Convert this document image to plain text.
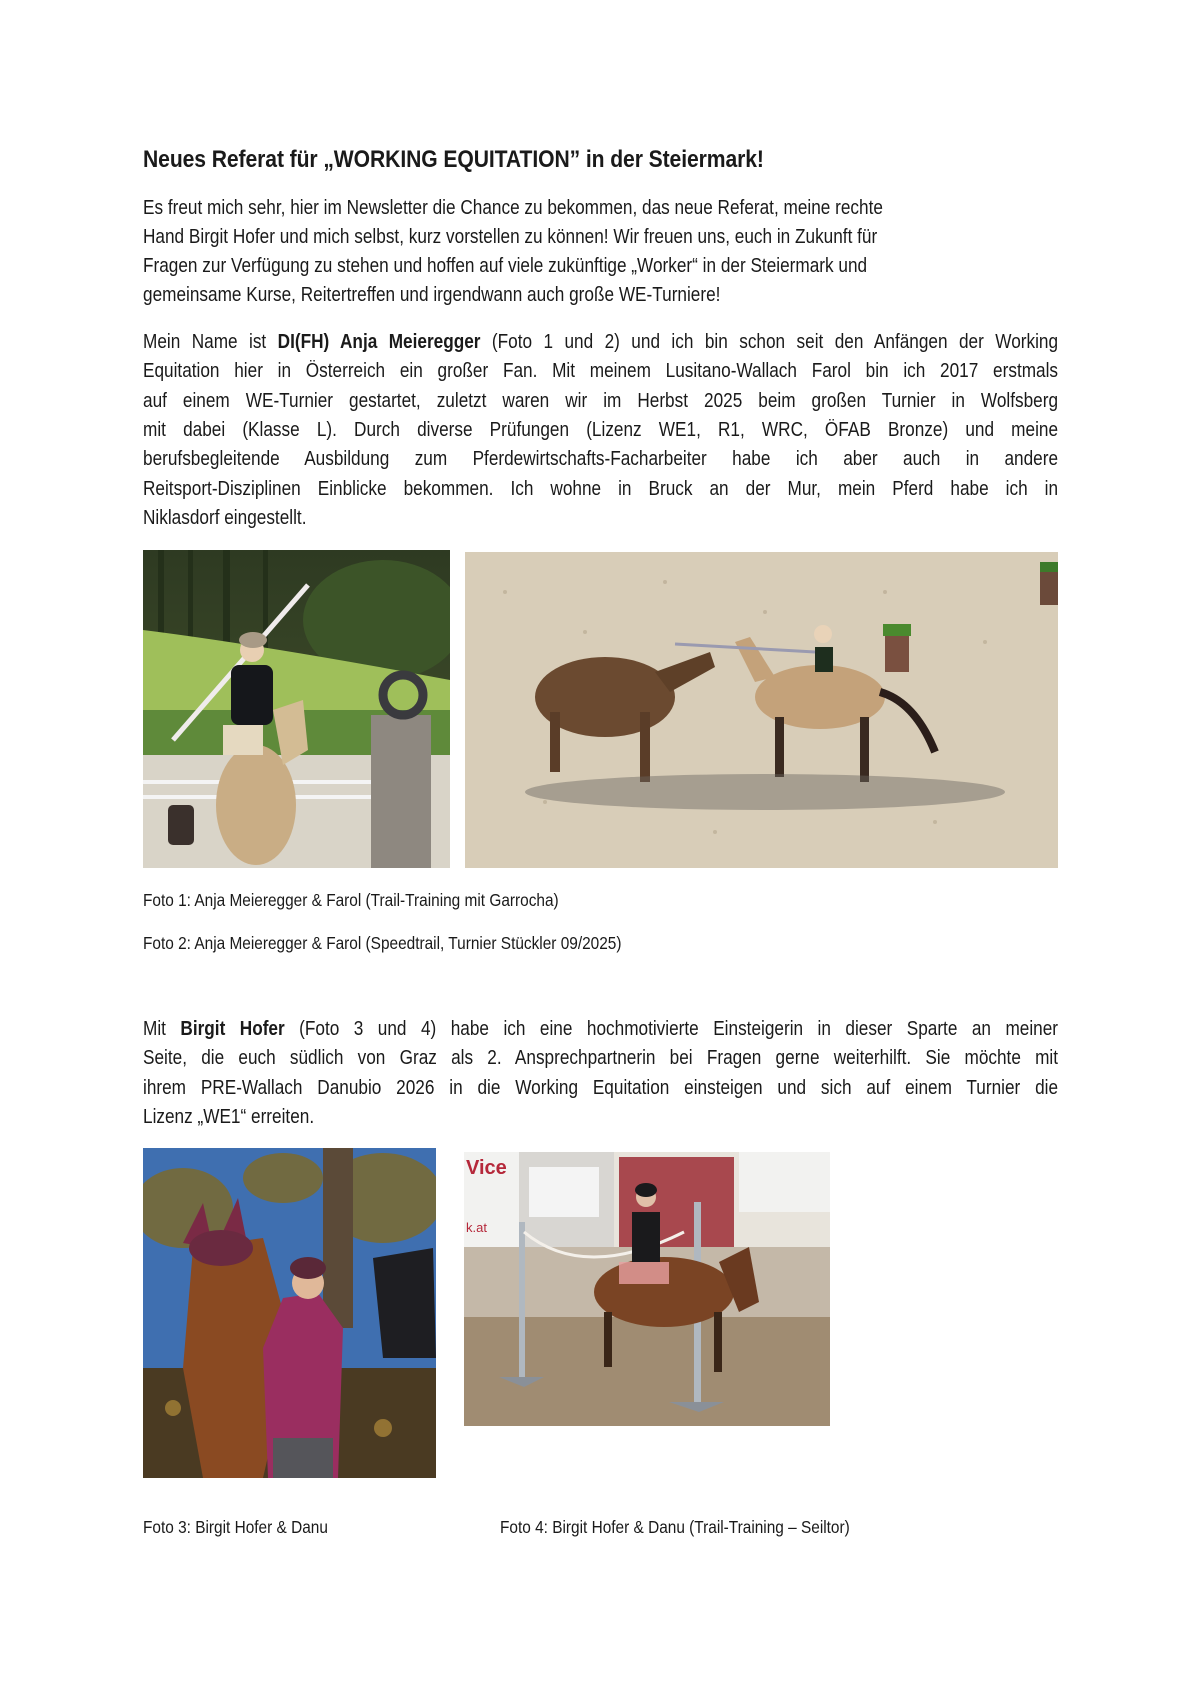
Neues Referat für „WORKING EQUITATION” in der Steiermark!
Es freut mich sehr, hier im Newsletter die Chance zu bekommen, das neue Referat, meine rechte
Hand Birgit Hofer und mich selbst, kurz vorstellen zu können! Wir freuen uns, euch in Zukunft für
Fragen zur Verfügung zu stehen und hoffen auf viele zukünftige „Worker“ in der Steiermark und
gemeinsame Kurse, Reitertreffen und irgendwann auch große WE-Turniere!
Mein Name ist DI(FH) Anja Meieregger (Foto 1 und 2) und ich bin schon seit den Anfängen der Working
Equitation hier in Österreich ein großer Fan. Mit meinem Lusitano-Wallach Farol bin ich 2017 erstmals
auf einem WE-Turnier gestartet, zuletzt waren wir im Herbst 2025 beim großen Turnier in Wolfsberg
mit dabei (Klasse L). Durch diverse Prüfungen (Lizenz WE1, R1, WRC, ÖFAB Bronze) und meine
berufsbegleitende Ausbildung zum Pferdewirtschafts-Facharbeiter habe ich aber auch in andere
Reitsport-Disziplinen Einblicke bekommen. Ich wohne in Bruck an der Mur, mein Pferd habe ich in
Niklasdorf eingestellt.
Foto 1: Anja Meieregger & Farol (Trail-Training mit Garrocha)
Foto 2: Anja Meieregger & Farol (Speedtrail, Turnier Stückler 09/2025)
Mit Birgit Hofer (Foto 3 und 4) habe ich eine hochmotivierte Einsteigerin in dieser Sparte an meiner
Seite, die euch südlich von Graz als 2. Ansprechpartnerin bei Fragen gerne weiterhilft. Sie möchte mit
ihrem PRE-Wallach Danubio 2026 in die Working Equitation einsteigen und sich auf einem Turnier die
Lizenz „WE1“ erreiten.
Vice
k.at
Foto 3: Birgit Hofer & Danu	Foto 4: Birgit Hofer & Danu (Trail-Training – Seiltor)
